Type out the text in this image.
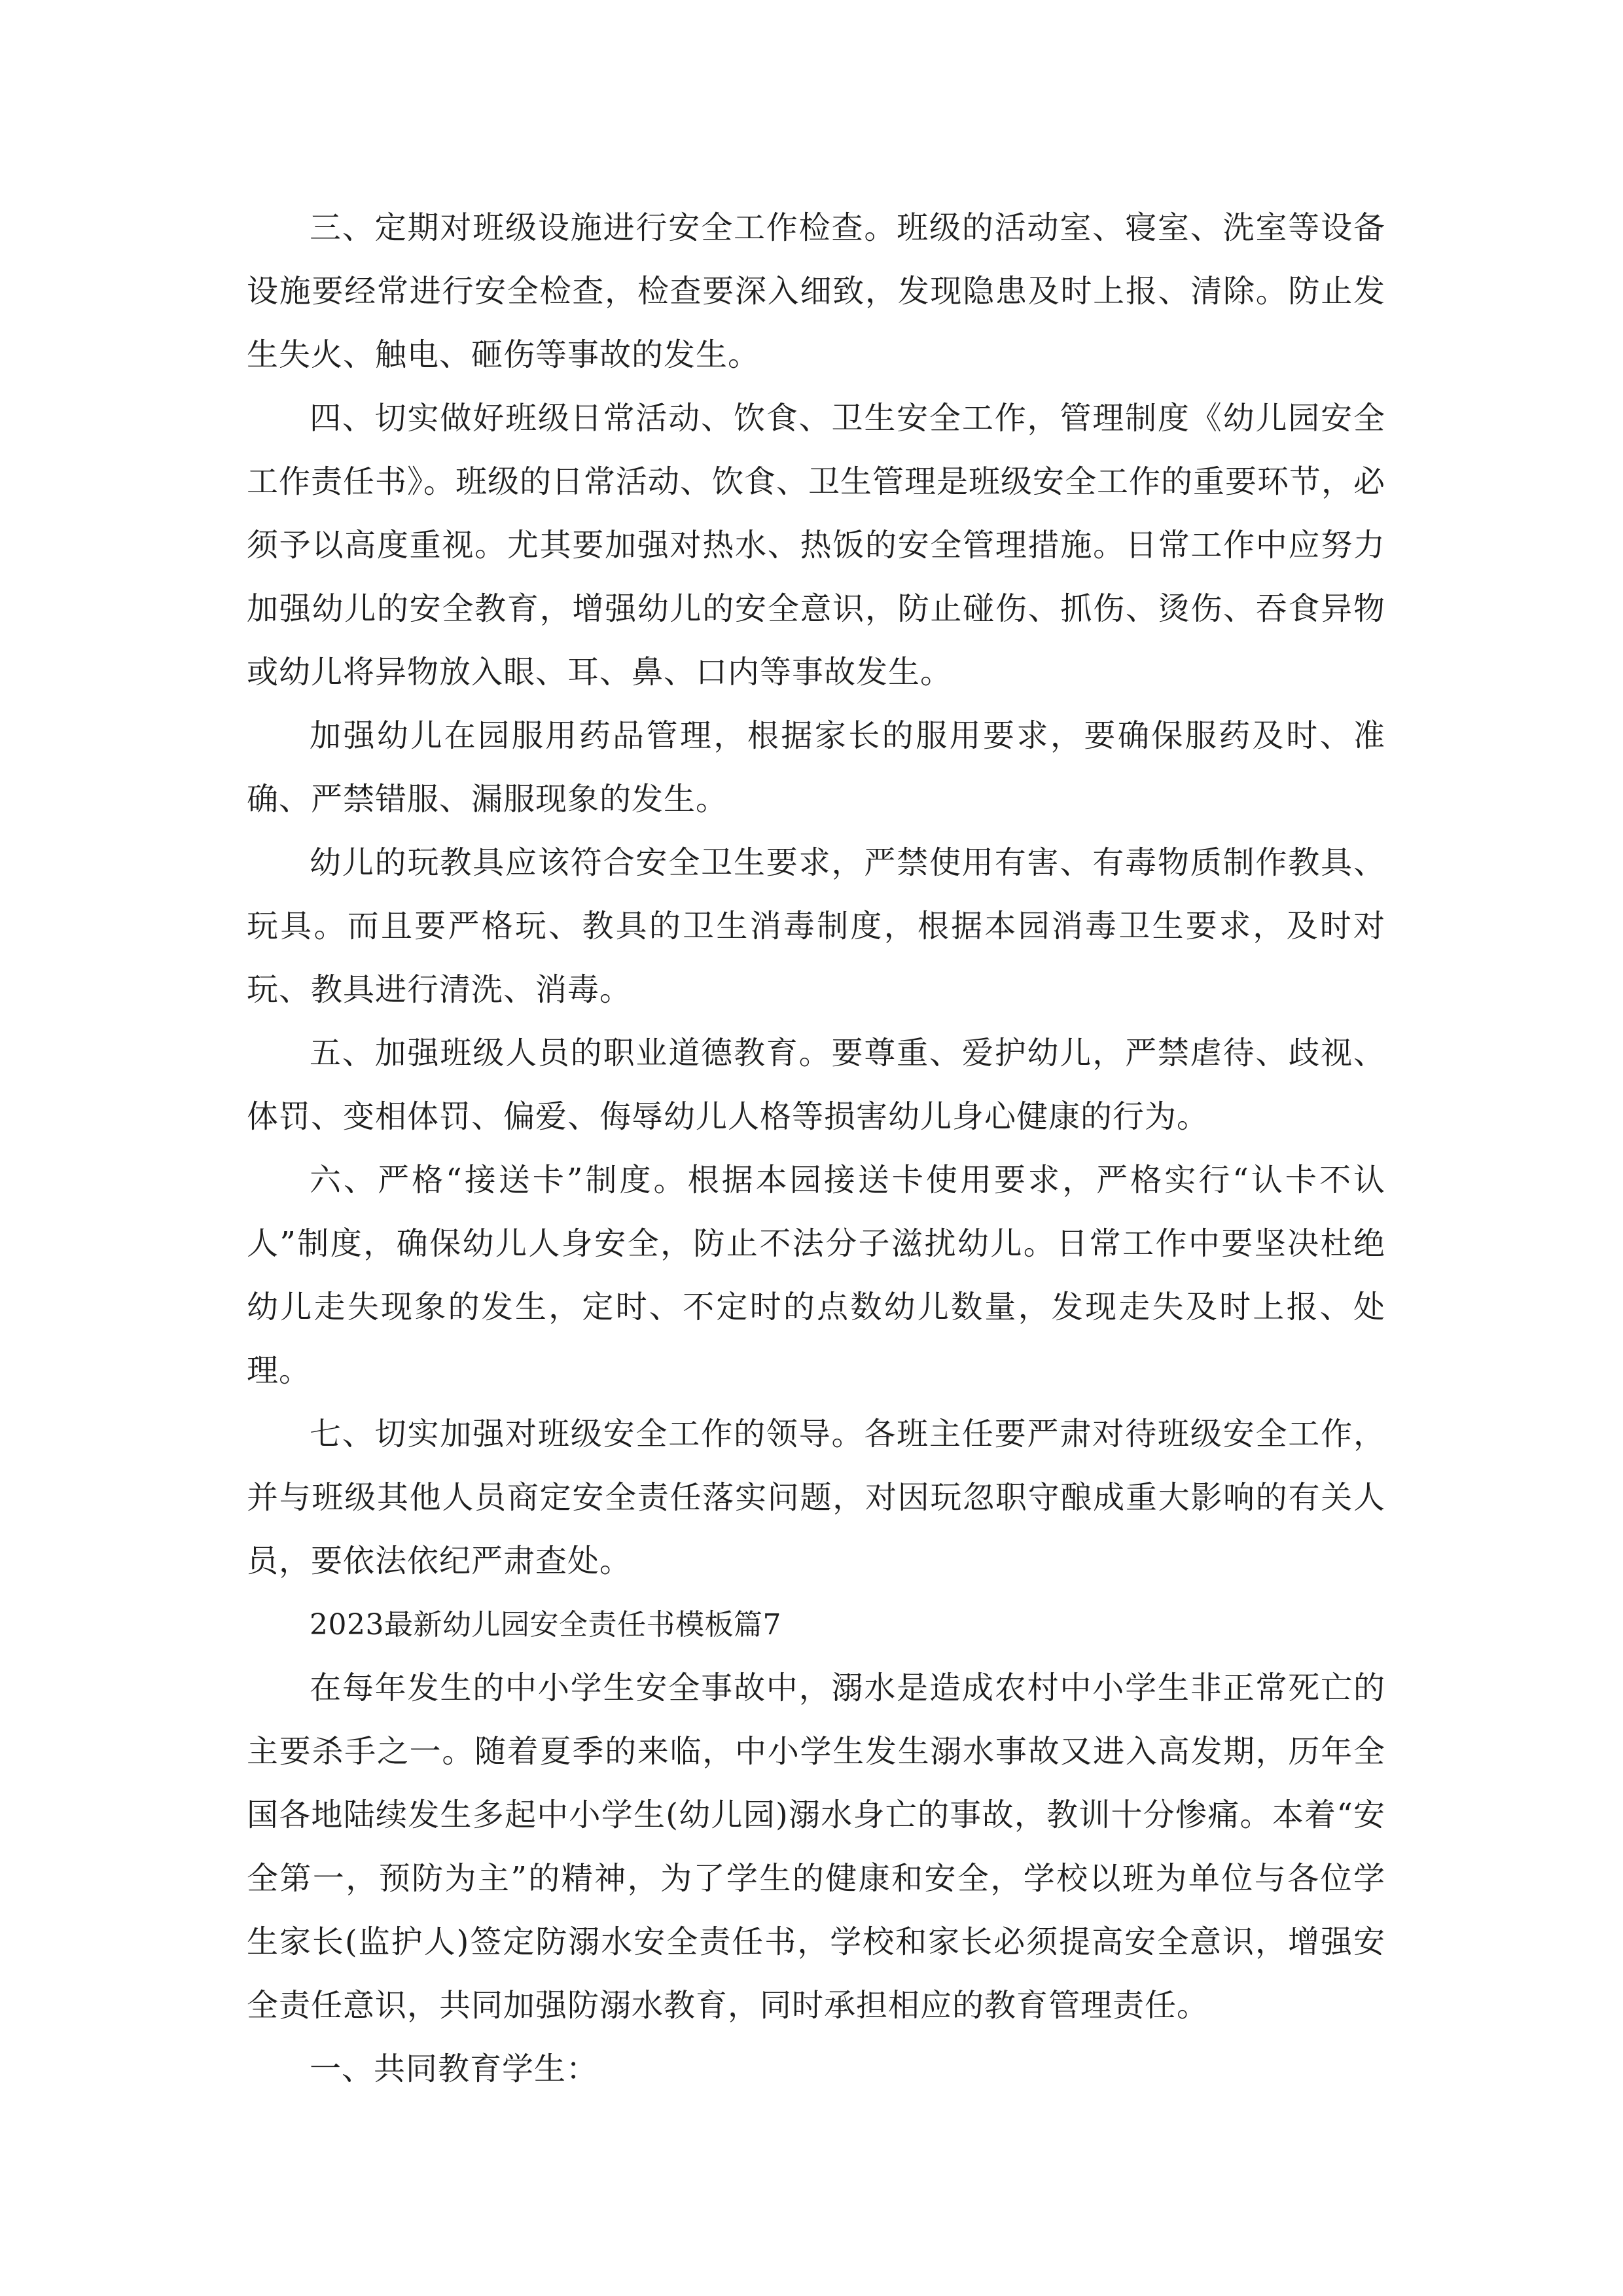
三、定期对班级设施进行安全工作检查。班级的活动室、寝室、洗室等设备设施要经常进行安全检查，检查要深入细致，发现隐患及时上报、清除。防止发生失火、触电、砸伤等事故的发生。

四、切实做好班级日常活动、饮食、卫生安全工作，管理制度《幼儿园安全工作责任书》。班级的日常活动、饮食、卫生管理是班级安全工作的重要环节，必须予以高度重视。尤其要加强对热水、热饭的安全管理措施。日常工作中应努力加强幼儿的安全教育，增强幼儿的安全意识，防止碰伤、抓伤、烫伤、吞食异物或幼儿将异物放入眼、耳、鼻、口内等事故发生。

加强幼儿在园服用药品管理，根据家长的服用要求，要确保服药及时、准确、严禁错服、漏服现象的发生。

幼儿的玩教具应该符合安全卫生要求，严禁使用有害、有毒物质制作教具、玩具。而且要严格玩、教具的卫生消毒制度，根据本园消毒卫生要求，及时对玩、教具进行清洗、消毒。

五、加强班级人员的职业道德教育。要尊重、爱护幼儿，严禁虐待、歧视、体罚、变相体罚、偏爱、侮辱幼儿人格等损害幼儿身心健康的行为。

六、严格“接送卡”制度。根据本园接送卡使用要求，严格实行“认卡不认人”制度，确保幼儿人身安全，防止不法分子滋扰幼儿。日常工作中要坚决杜绝幼儿走失现象的发生，定时、不定时的点数幼儿数量，发现走失及时上报、处理。

七、切实加强对班级安全工作的领导。各班主任要严肃对待班级安全工作，并与班级其他人员商定安全责任落实问题，对因玩忽职守酿成重大影响的有关人员，要依法依纪严肃查处。

2023最新幼儿园安全责任书模板篇7

在每年发生的中小学生安全事故中，溺水是造成农村中小学生非正常死亡的主要杀手之一。随着夏季的来临，中小学生发生溺水事故又进入高发期，历年全国各地陆续发生多起中小学生(幼儿园)溺水身亡的事故，教训十分惨痛。本着“安全第一，预防为主”的精神，为了学生的健康和安全，学校以班为单位与各位学生家长(监护人)签定防溺水安全责任书，学校和家长必须提高安全意识，增强安全责任意识，共同加强防溺水教育，同时承担相应的教育管理责任。

一、共同教育学生：
